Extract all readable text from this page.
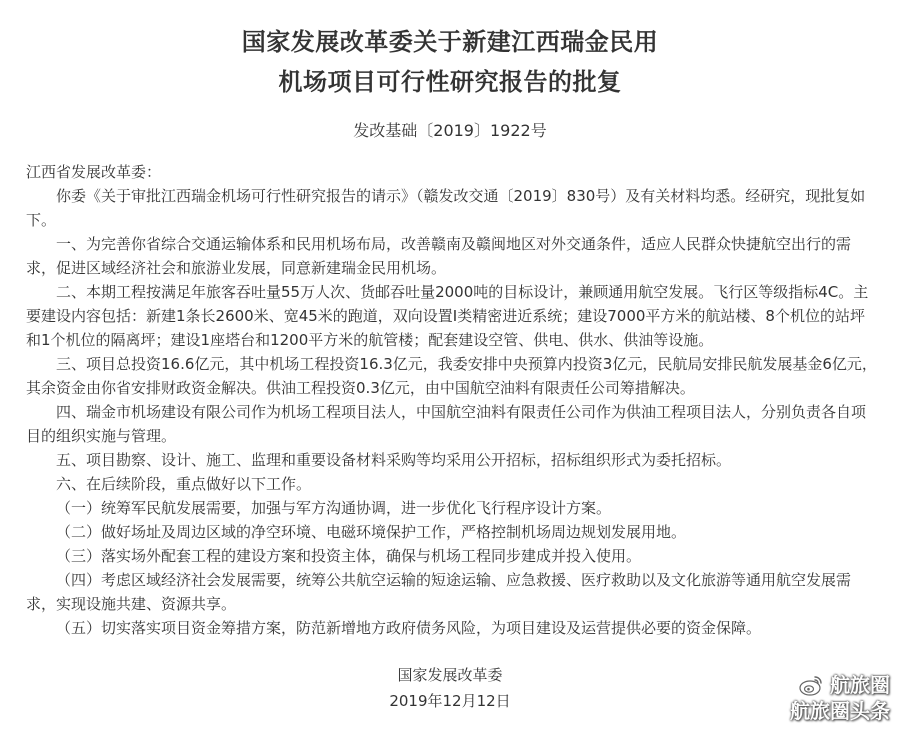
国家发展改革委关于新建江西瑞金民用
机场项目可行性研究报告的批复
发改基础〔2019〕1922号

江西省发展改革委：

你委《关于审批江西瑞金机场可行性研究报告的请示》（赣发改交通〔2019〕830号）及有关材料均悉。经研究，现批复如下。

一、为完善你省综合交通运输体系和民用机场布局，改善赣南及赣闽地区对外交通条件，适应人民群众快捷航空出行的需求，促进区域经济社会和旅游业发展，同意新建瑞金民用机场。

二、本期工程按满足年旅客吞吐量55万人次、货邮吞吐量2000吨的目标设计，兼顾通用航空发展。飞行区等级指标4C。主要建设内容包括：新建1条长2600米、宽45米的跑道，双向设置Ⅰ类精密进近系统；建设7000平方米的航站楼、8个机位的站坪和1个机位的隔离坪；建设1座塔台和1200平方米的航管楼；配套建设空管、供电、供水、供油等设施。

三、项目总投资16.6亿元，其中机场工程投资16.3亿元，我委安排中央预算内投资3亿元，民航局安排民航发展基金6亿元，其余资金由你省安排财政资金解决。供油工程投资0.3亿元，由中国航空油料有限责任公司筹措解决。

四、瑞金市机场建设有限公司作为机场工程项目法人，中国航空油料有限责任公司作为供油工程项目法人，分别负责各自项目的组织实施与管理。

五、项目勘察、设计、施工、监理和重要设备材料采购等均采用公开招标，招标组织形式为委托招标。

六、在后续阶段，重点做好以下工作。

（一）统筹军民航发展需要，加强与军方沟通协调，进一步优化飞行程序设计方案。

（二）做好场址及周边区域的净空环境、电磁环境保护工作，严格控制机场周边规划发展用地。

（三）落实场外配套工程的建设方案和投资主体，确保与机场工程同步建成并投入使用。

（四）考虑区域经济社会发展需要，统筹公共航空运输的短途运输、应急救援、医疗救助以及文化旅游等通用航空发展需求，实现设施共建、资源共享。

（五）切实落实项目资金筹措方案，防范新增地方政府债务风险，为项目建设及运营提供必要的资金保障。

国家发展改革委
2019年12月12日
航旅圈
航旅圈头条
